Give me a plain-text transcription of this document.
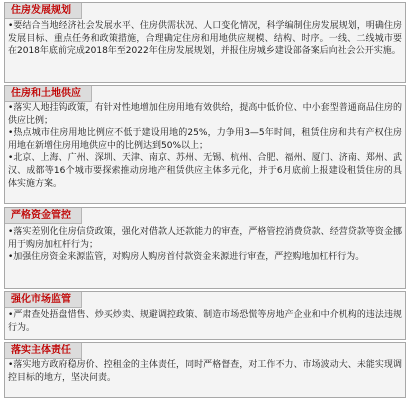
住房发展规划

•要结合当地经济社会发展水平、住房供需状况、人口变化情况，科学编制住房发展规划，明确住房发展目标、重点任务和政策措施，合理确定住房和用地供应规模、结构、时序。一线、二线城市要在2018年底前完成2018年至2022年住房发展规划，并报住房城乡建设部备案后向社会公开实施。

住房和土地供应

•落实人地挂钩政策，有针对性地增加住房用地有效供给，提高中低价位、中小套型普通商品住房的供应比例；

•热点城市住房用地比例应不低于建设用地的25%，力争用3—5年时间，租赁住房和共有产权住房用地在新增住房用地供应中的比例达到50%以上；

•北京、上海、广州、深圳、天津、南京、苏州、无锡、杭州、合肥、福州、厦门、济南、郑州、武汉、成都等16个城市要探索推动房地产租赁供应主体多元化，并于6月底前上报建设租赁住房的具体实施方案。

严格资金管控

•落实差别化住房信贷政策，强化对借款人还款能力的审查，严格管控消费贷款、经营贷款等资金挪用于购房加杠杆行为；

•加强住房资金来源监管，对购房人购房首付款资金来源进行审查，严控购地加杠杆行为。

强化市场监管

•严肃查处捂盘惜售、炒买炒卖、规避调控政策、制造市场恐慌等房地产企业和中介机构的违法违规行为。

落实主体责任

•落实地方政府稳房价、控租金的主体责任，同时严格督查，对工作不力、市场波动大、未能实现调控目标的地方，坚决问责。
